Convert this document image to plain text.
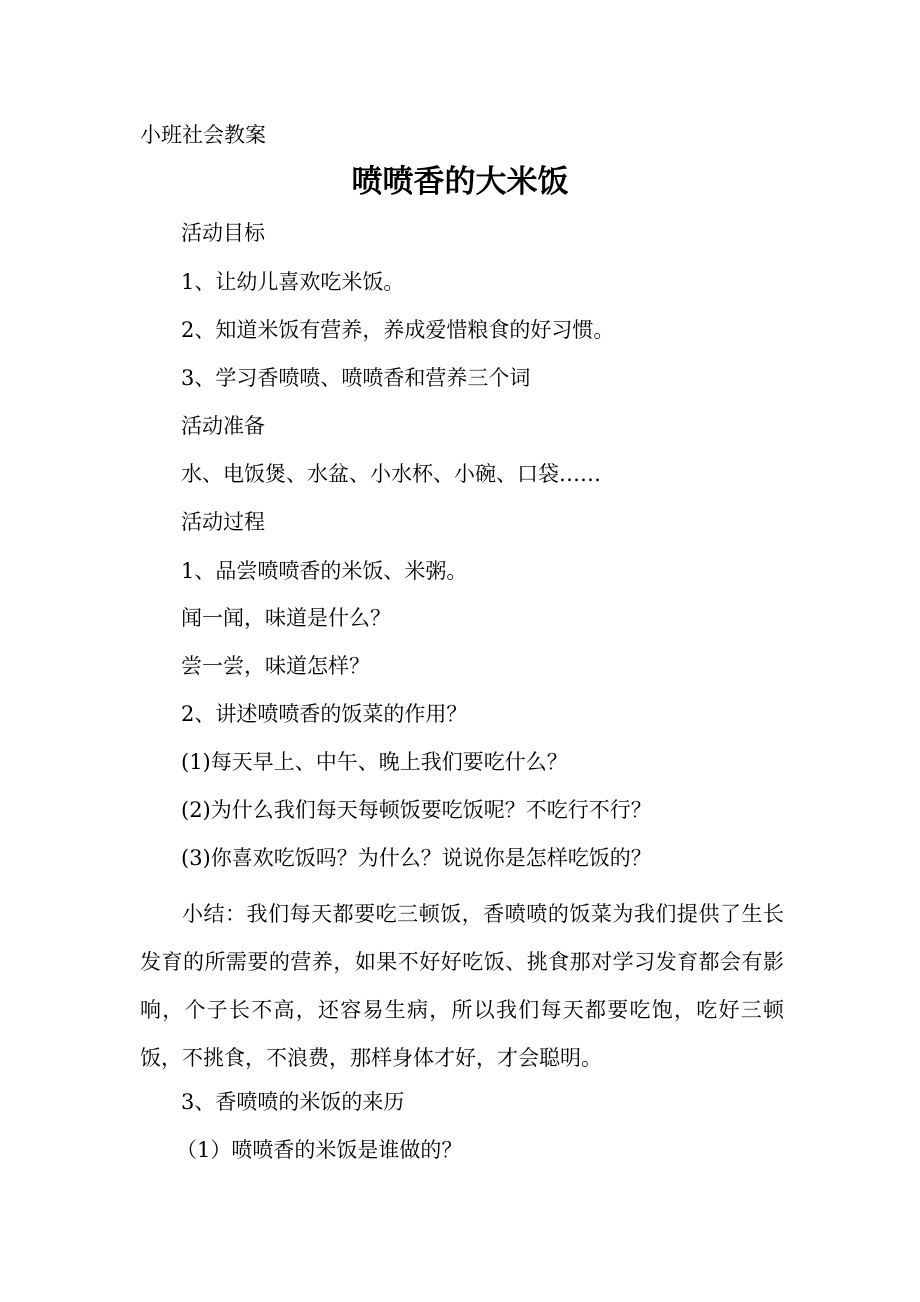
小班社会教案
喷喷香的大米饭
活动目标
1、让幼儿喜欢吃米饭。
2、知道米饭有营养，养成爱惜粮食的好习惯。
3、学习香喷喷、喷喷香和营养三个词
活动准备
水、电饭煲、水盆、小水杯、小碗、口袋……
活动过程
1、品尝喷喷香的米饭、米粥。
闻一闻，味道是什么？
尝一尝，味道怎样？
2、讲述喷喷香的饭菜的作用？
(1)每天早上、中午、晚上我们要吃什么？
(2)为什么我们每天每顿饭要吃饭呢？不吃行不行？
(3)你喜欢吃饭吗？为什么？说说你是怎样吃饭的？
小结：我们每天都要吃三顿饭，香喷喷的饭菜为我们提供了生长发育的所需要的营养，如果不好好吃饭、挑食那对学习发育都会有影响，个子长不高，还容易生病，所以我们每天都要吃饱，吃好三顿饭，不挑食，不浪费，那样身体才好，才会聪明。
3、香喷喷的米饭的来历
（1）喷喷香的米饭是谁做的？
